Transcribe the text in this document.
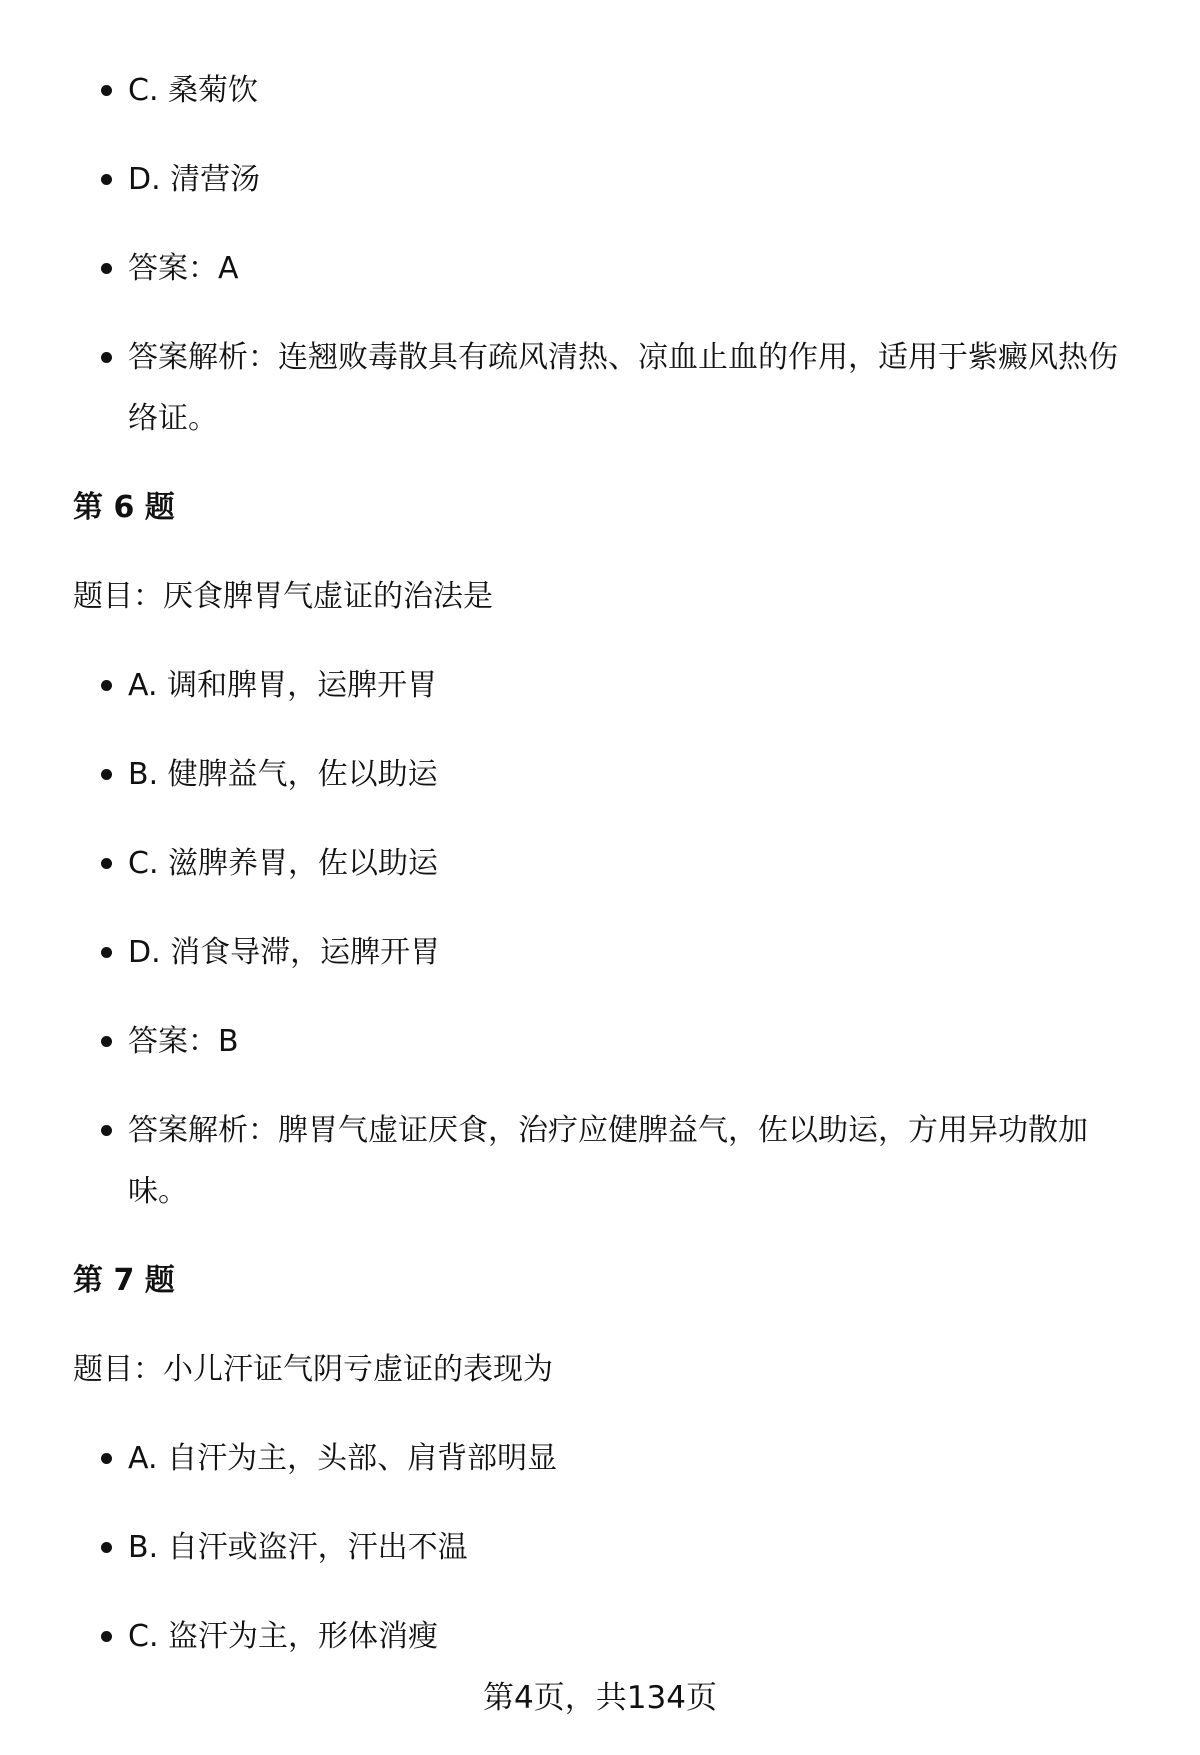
C. 桑菊饮
D. 清营汤
答案：A
答案解析：连翘败毒散具有疏风清热、凉血止血的作用，适用于紫癜风热伤络证。
第 6 题
题目：厌食脾胃气虚证的治法是
A. 调和脾胃，运脾开胃
B. 健脾益气，佐以助运
C. 滋脾养胃，佐以助运
D. 消食导滞，运脾开胃
答案：B
答案解析：脾胃气虚证厌食，治疗应健脾益气，佐以助运，方用异功散加味。
第 7 题
题目：小儿汗证气阴亏虚证的表现为
A. 自汗为主，头部、肩背部明显
B. 自汗或盗汗，汗出不温
C. 盗汗为主，形体消瘦
第4页，共134页
